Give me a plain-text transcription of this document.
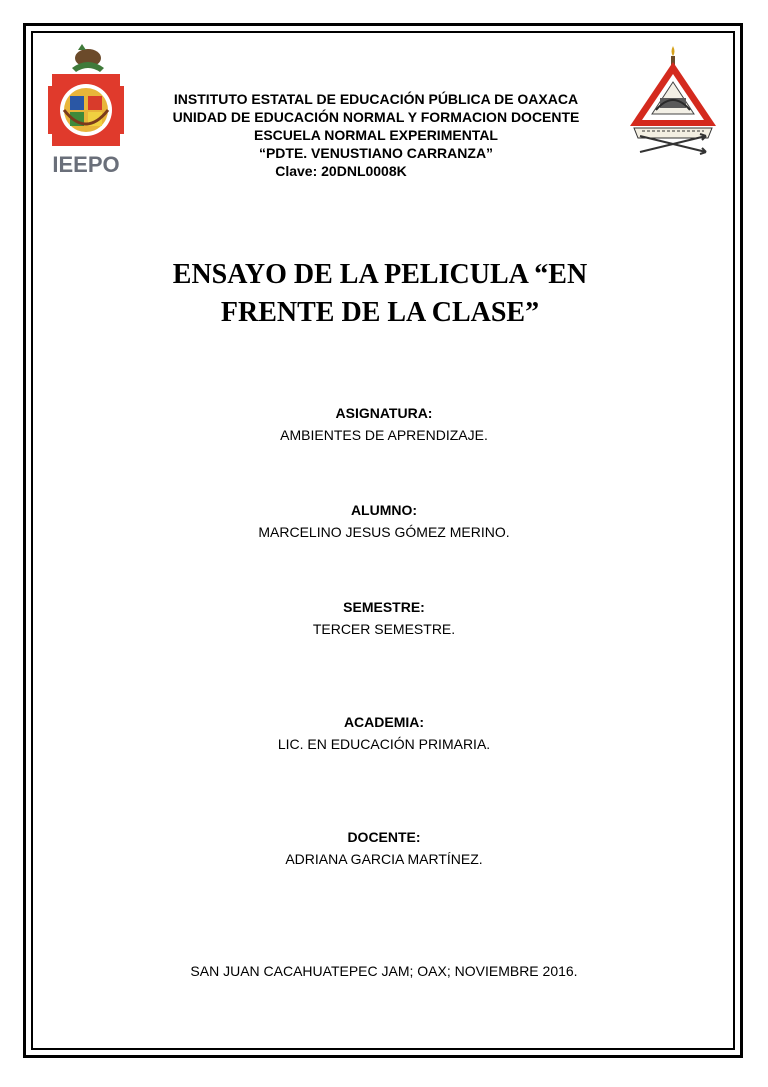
IEEPO
INSTITUTO ESTATAL DE EDUCACIÓN PÚBLICA DE OAXACA
UNIDAD DE EDUCACIÓN NORMAL Y FORMACION DOCENTE
ESCUELA NORMAL EXPERIMENTAL
“PDTE. VENUSTIANO CARRANZA”
Clave: 20DNL0008K
ENSAYO DE LA PELICULA “EN
FRENTE DE LA CLASE”
ASIGNATURA:
AMBIENTES DE APRENDIZAJE.
ALUMNO:
MARCELINO JESUS GÓMEZ MERINO.
SEMESTRE:
TERCER SEMESTRE.
ACADEMIA:
LIC. EN EDUCACIÓN PRIMARIA.
DOCENTE:
ADRIANA GARCIA MARTÍNEZ.
SAN JUAN CACAHUATEPEC JAM; OAX; NOVIEMBRE 2016.
